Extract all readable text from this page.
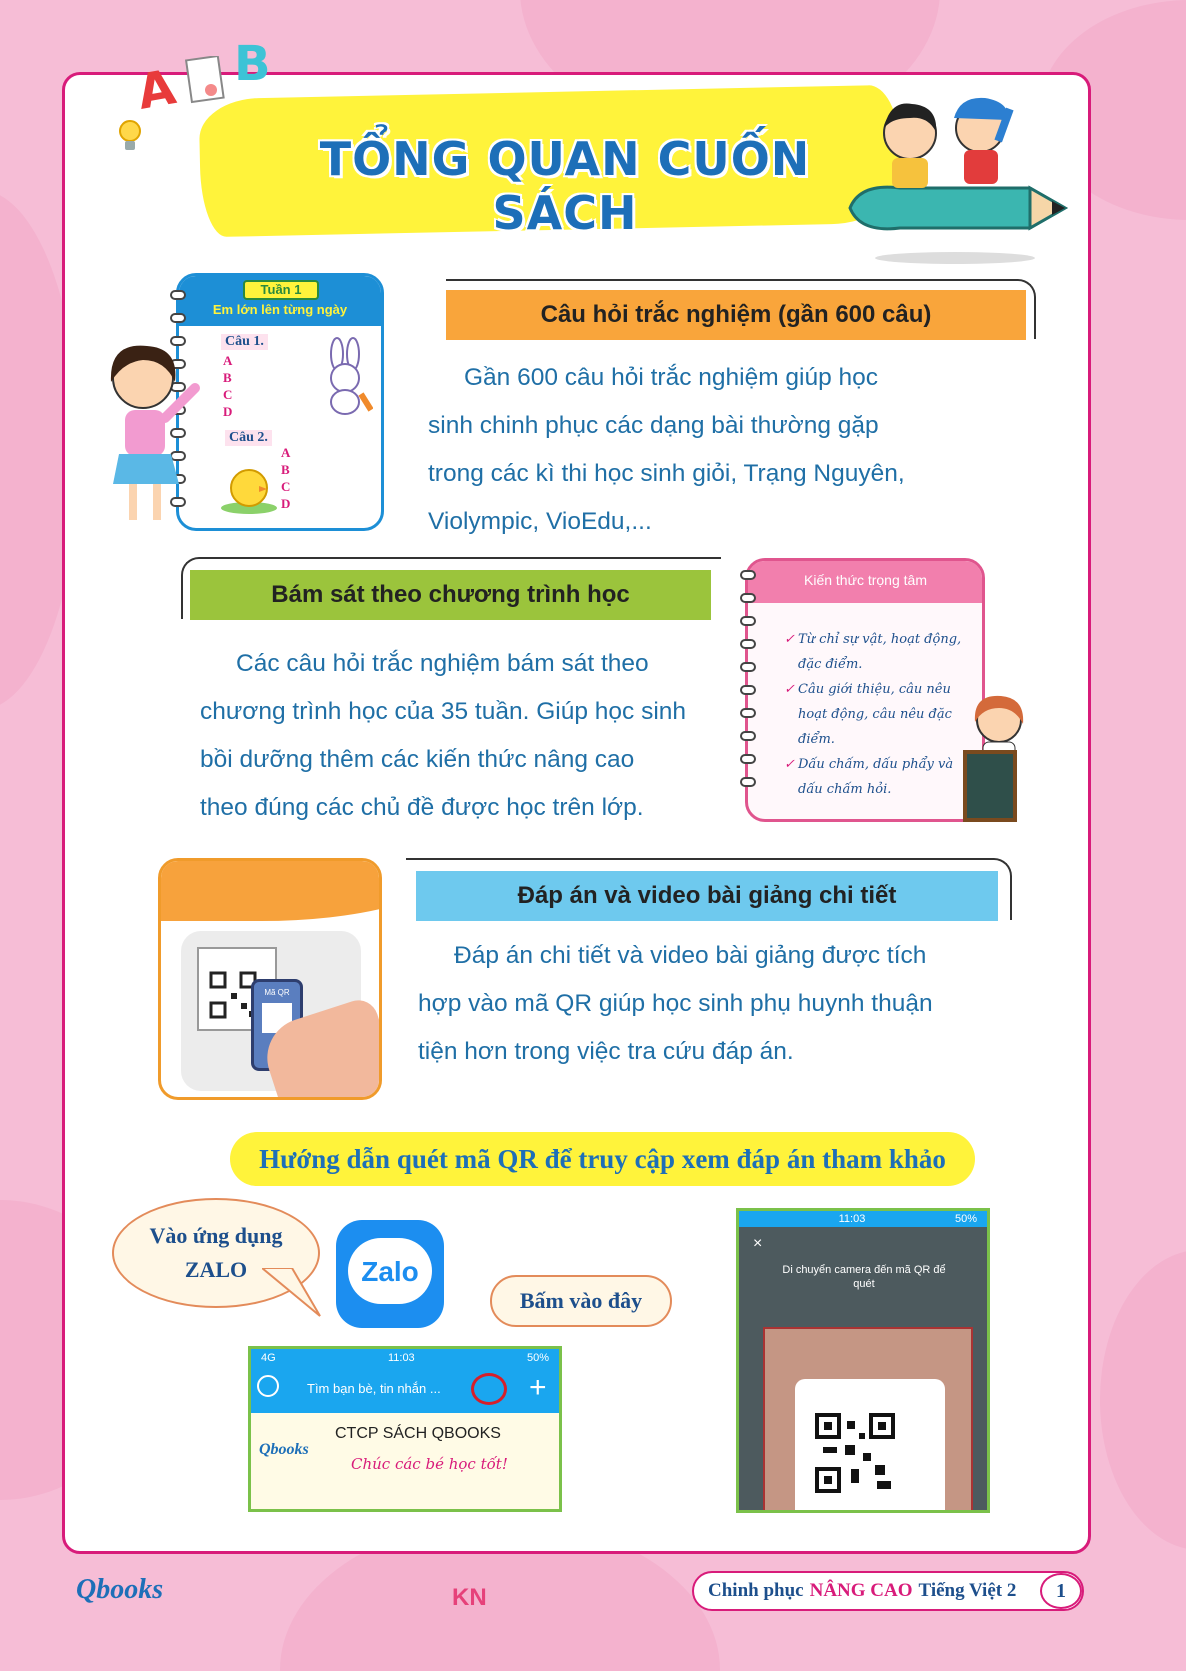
TỔNG QUAN CUỐN SÁCH
A B
Tuần 1
Em lớn lên từng ngày
Câu 1.
A
B
C
D
Câu 2.
A
B
C
D
Câu hỏi trắc nghiệm (gần 600 câu)
Gần 600 câu hỏi trắc nghiệm giúp học
sinh chinh phục các dạng bài thường gặp
trong các kì thi học sinh giỏi, Trạng Nguyên,
Violympic, VioEdu,...
Bám sát theo chương trình học
Các câu hỏi trắc nghiệm bám sát theo
chương trình học của 35 tuần. Giúp học sinh
bồi dưỡng thêm các kiến thức nâng cao
theo đúng các chủ đề được học trên lớp.
Kiến thức trọng tâm
✓ Từ chỉ sự vật, hoạt động,
đặc điểm.
✓ Câu giới thiệu, câu nêu
hoạt động, câu nêu đặc
điểm.
✓ Dấu chấm, dấu phẩy và
dấu chấm hỏi.
Mã QR
Đáp án và video bài giảng chi tiết
Đáp án chi tiết và video bài giảng được tích
hợp vào mã QR giúp học sinh phụ huynh thuận
tiện hơn trong việc tra cứu đáp án.
Hướng dẫn quét mã QR để truy cập xem đáp án tham khảo
Vào ứng dụng
ZALO	Zalo
Bấm vào đây
4G	11:03	50%
Tìm bạn bè, tin nhắn ...	+
Qbooks
CTCP SÁCH QBOOKS
Chúc các bé học tốt!
11:03	50%
×
Di chuyển camera đến mã QR để quét
Qbooks	KN	Chinh phục NÂNG CAO Tiếng Việt 2	1
